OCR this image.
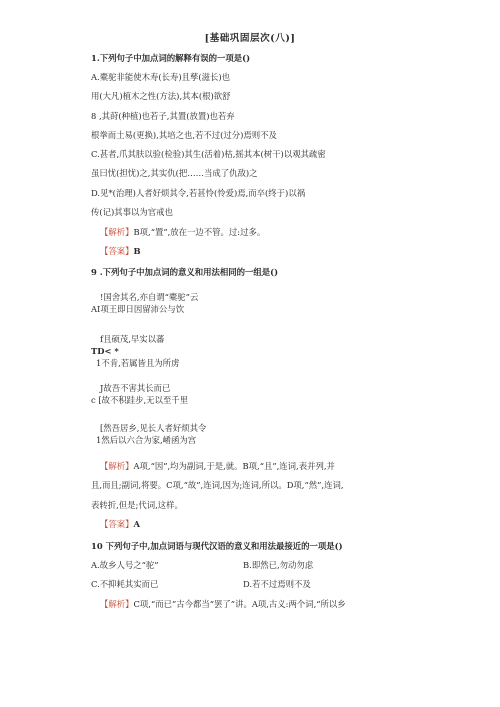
[基础巩固层次(八)]
1.下列句子中加点词的解释有误的一项是()
A.橐驼非能使木寿(长寿)且孳(滋长)也
用(大凡)植木之性(方法),其本(根)欲舒
8 ,其莳(种植)也若子,其置(放置)也若弃
根拳而土易(更换),其培之也,若不过(过分)焉则不及
C.甚者,爪其肤以验(检验)其生(活着)枯,摇其本(树干)以观其疏密
虽曰忧(担忧)之,其实仇(把……当成了仇敌)之
D.见*(治理)人者好烦其令,若甚怜(怜爱)焉,而卒(终于)以祸
传(记)其事以为官戒也
【解析】B项,“置”,放在一边不管。过:过多。
【答案】B
9 .下列句子中加点词的意义和用法相同的一组是()
!国舍其名,亦自谓“橐驼”云
AI项王即日因留沛公与饮
f且硕茂,早实以蕃
TD< *
1不肯,若属皆且为所虏
J故吾不害其长而已
c [故不积跬步,无以至千里
[然吾居乡,见长人者好烦其令
1然后以六合为家,崤函为宫
【解析】A项,“因”,均为副词,于是,就。B项,“且”,连词,表并列,并
且,而且;副词,将要。C项,“故”,连词,因为;连词,所以。D项,“然”,连词,
表转折,但是;代词,这样。
【答案】A
10 下列句子中,加点词语与现代汉语的意义和用法最接近的一项是()
A.故乡人号之“驼”	B.即然已,勿动勿虑
C.不抑耗其实而已	D.若不过焉则不及
【解析】C项,“而已”古今都当“罢了”讲。A项,古义:两个词,“所以乡
